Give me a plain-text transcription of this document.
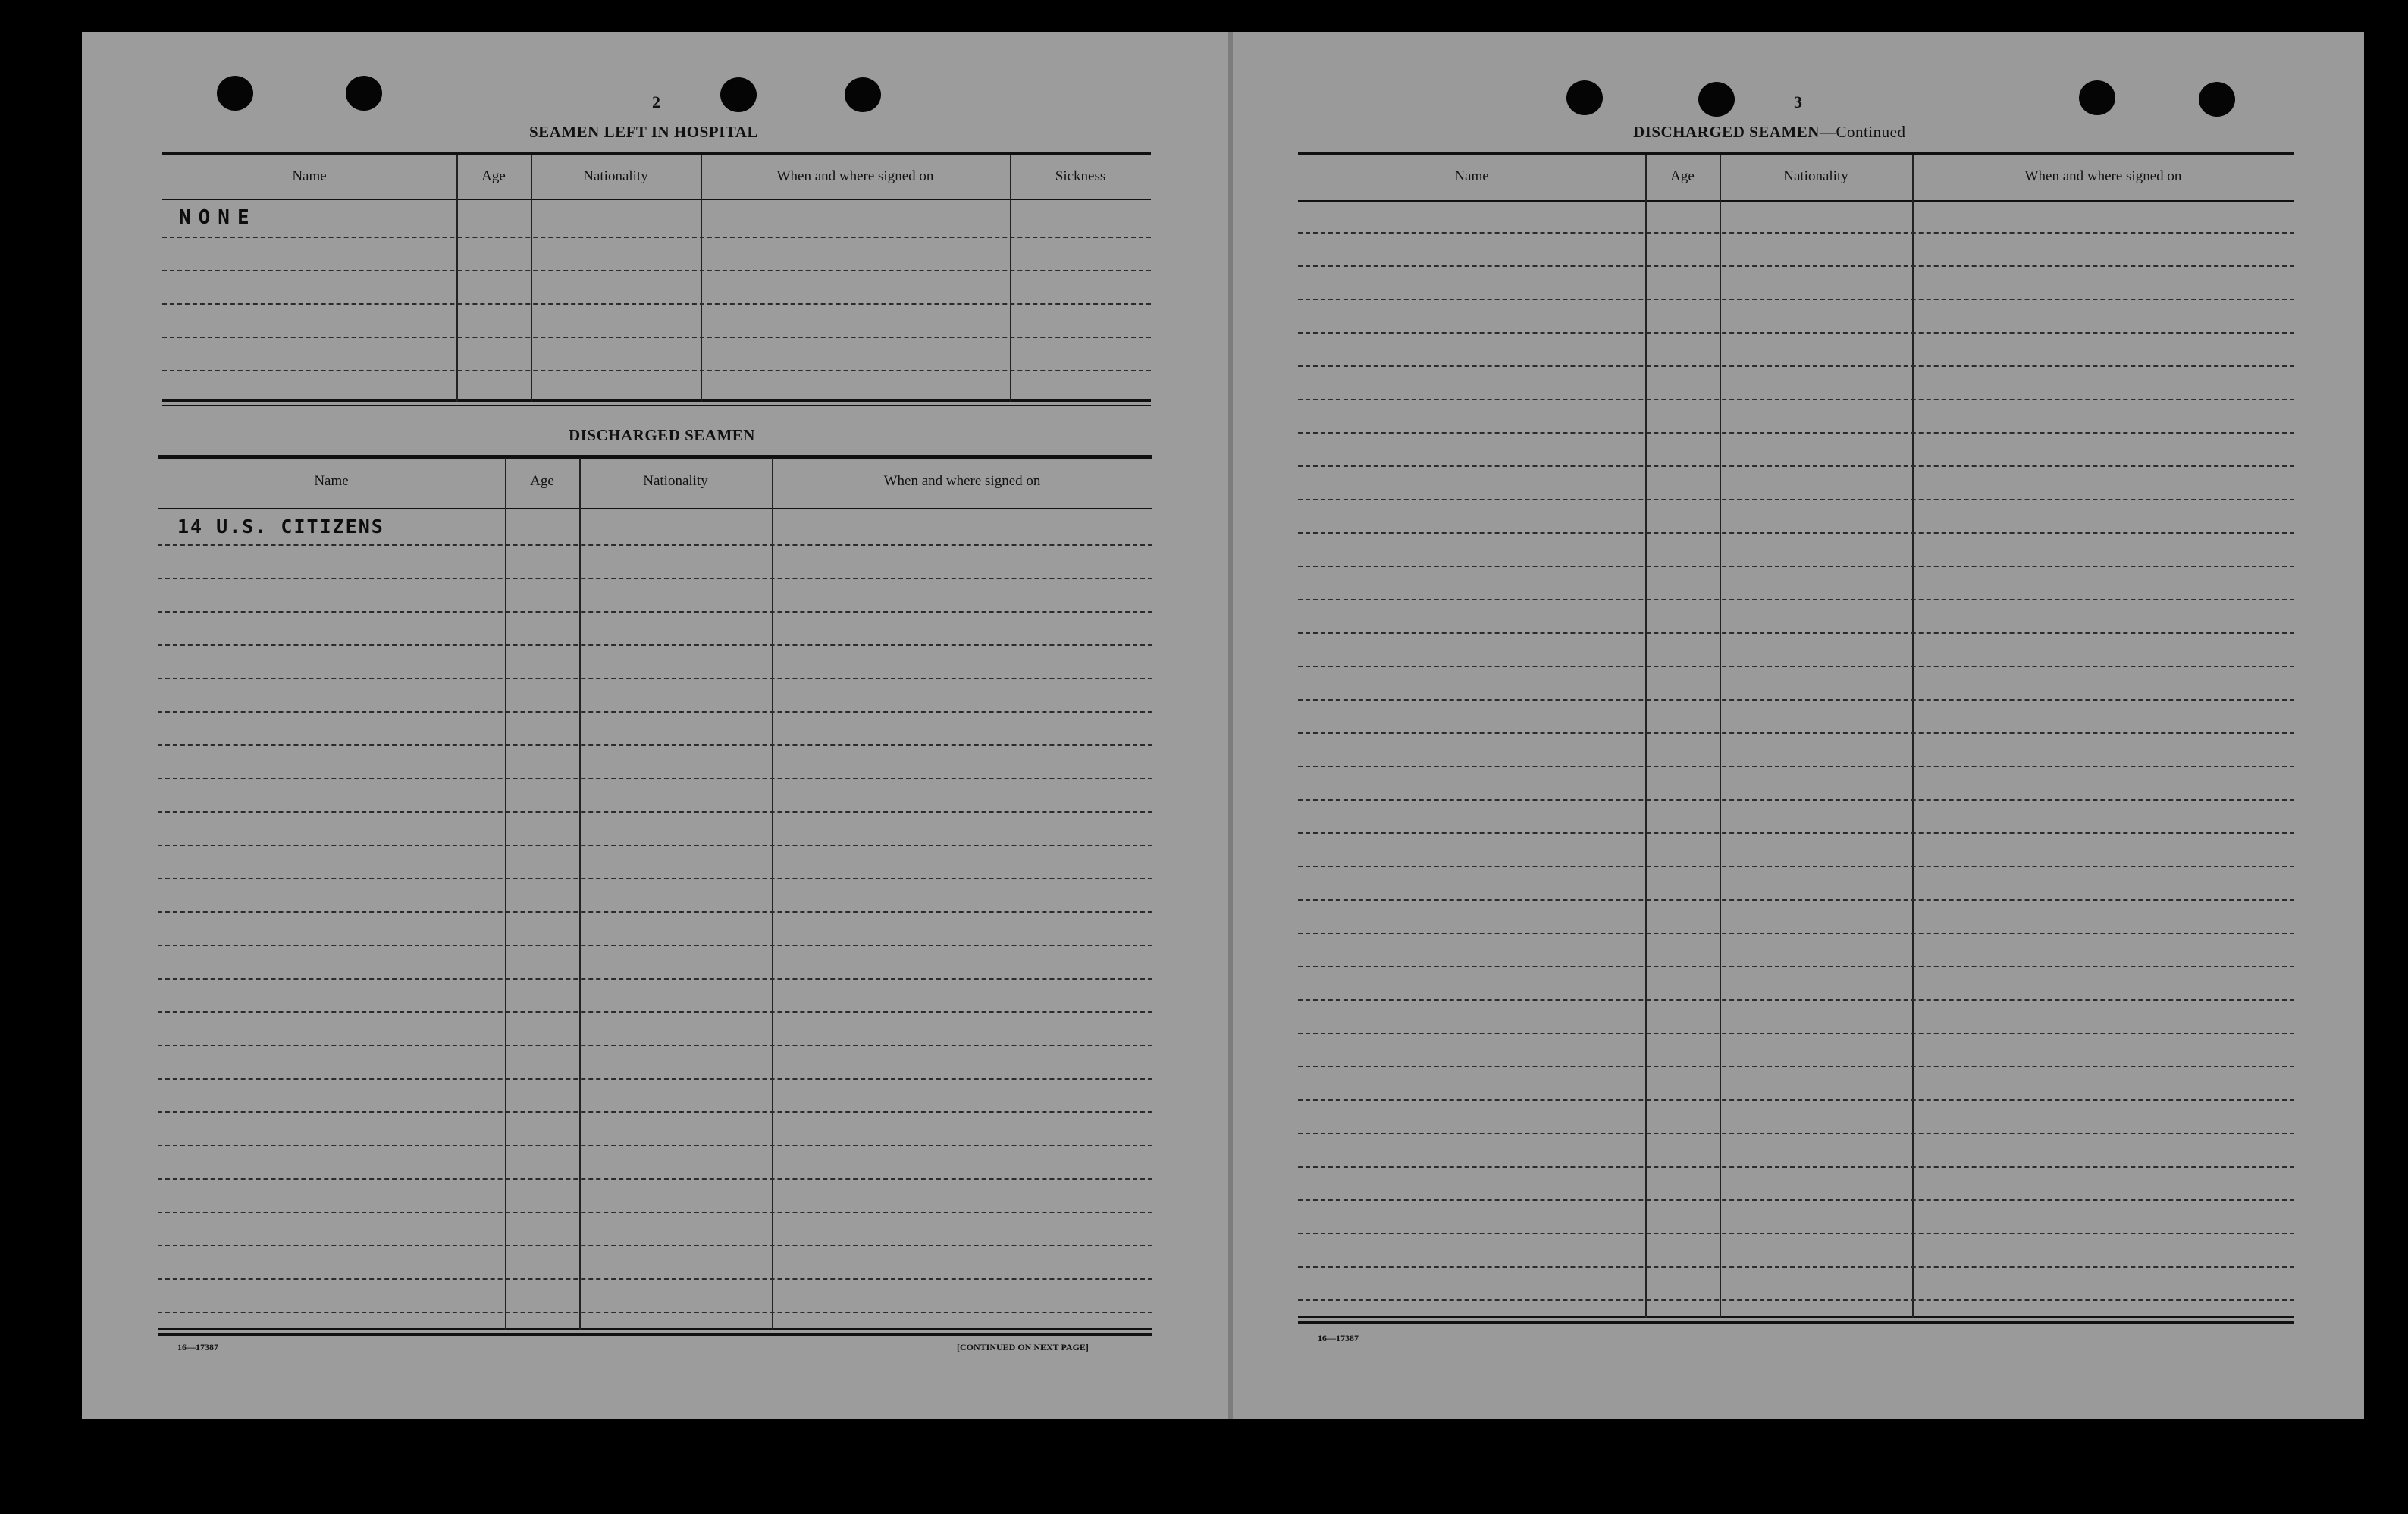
2
SEAMEN LEFT IN HOSPITAL
Name	Age	Nationality	When and where signed on	Sickness
NONE
DISCHARGED SEAMEN
Name	Age	Nationality	When and where signed on
14 U.S. CITIZENS
16—17387	[CONTINUED ON NEXT PAGE]
3
DISCHARGED SEAMEN—Continued
Name	Age	Nationality	When and where signed on
16—17387
